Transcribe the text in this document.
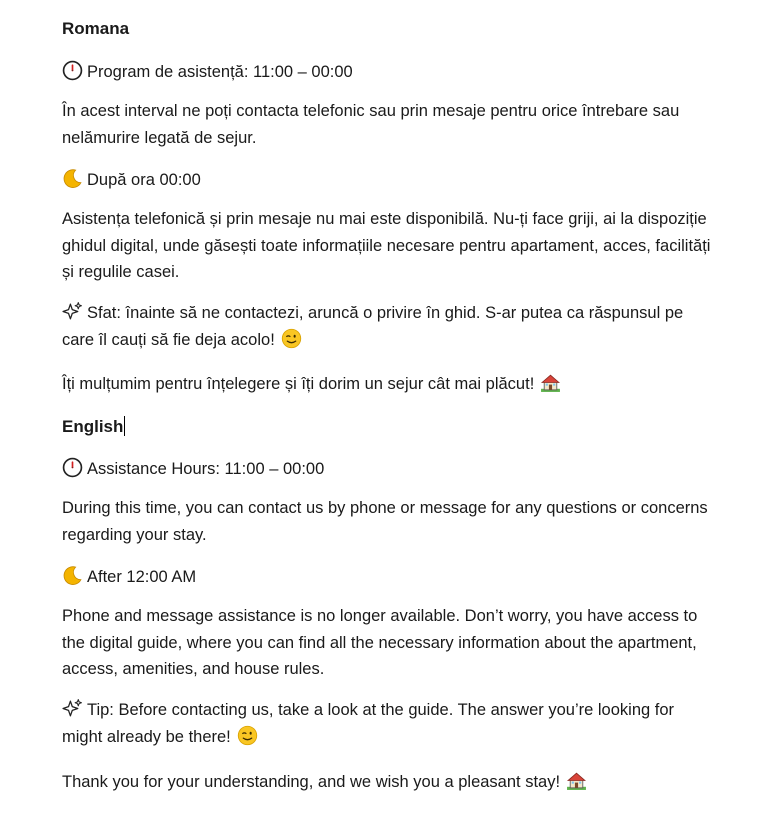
Romana
Program de asistență: 11:00 – 00:00
În acest interval ne poți contacta telefonic sau prin mesaje pentru orice întrebare sau nelămurire legată de sejur.
După ora 00:00
Asistența telefonică și prin mesaje nu mai este disponibilă. Nu-ți face griji, ai la dispoziție ghidul digital, unde găsești toate informațiile necesare pentru apartament, acces, facilități și regulile casei.
Sfat: înainte să ne contactezi, aruncă o privire în ghid. S-ar putea ca răspunsul pe care îl cauți să fie deja acolo!
Îți mulțumim pentru înțelegere și îți dorim un sejur cât mai plăcut!
English
Assistance Hours: 11:00 – 00:00
During this time, you can contact us by phone or message for any questions or concerns regarding your stay.
After 12:00 AM
Phone and message assistance is no longer available. Don’t worry, you have access to the digital guide, where you can find all the necessary information about the apartment, access, amenities, and house rules.
Tip: Before contacting us, take a look at the guide. The answer you’re looking for might already be there!
Thank you for your understanding, and we wish you a pleasant stay!
